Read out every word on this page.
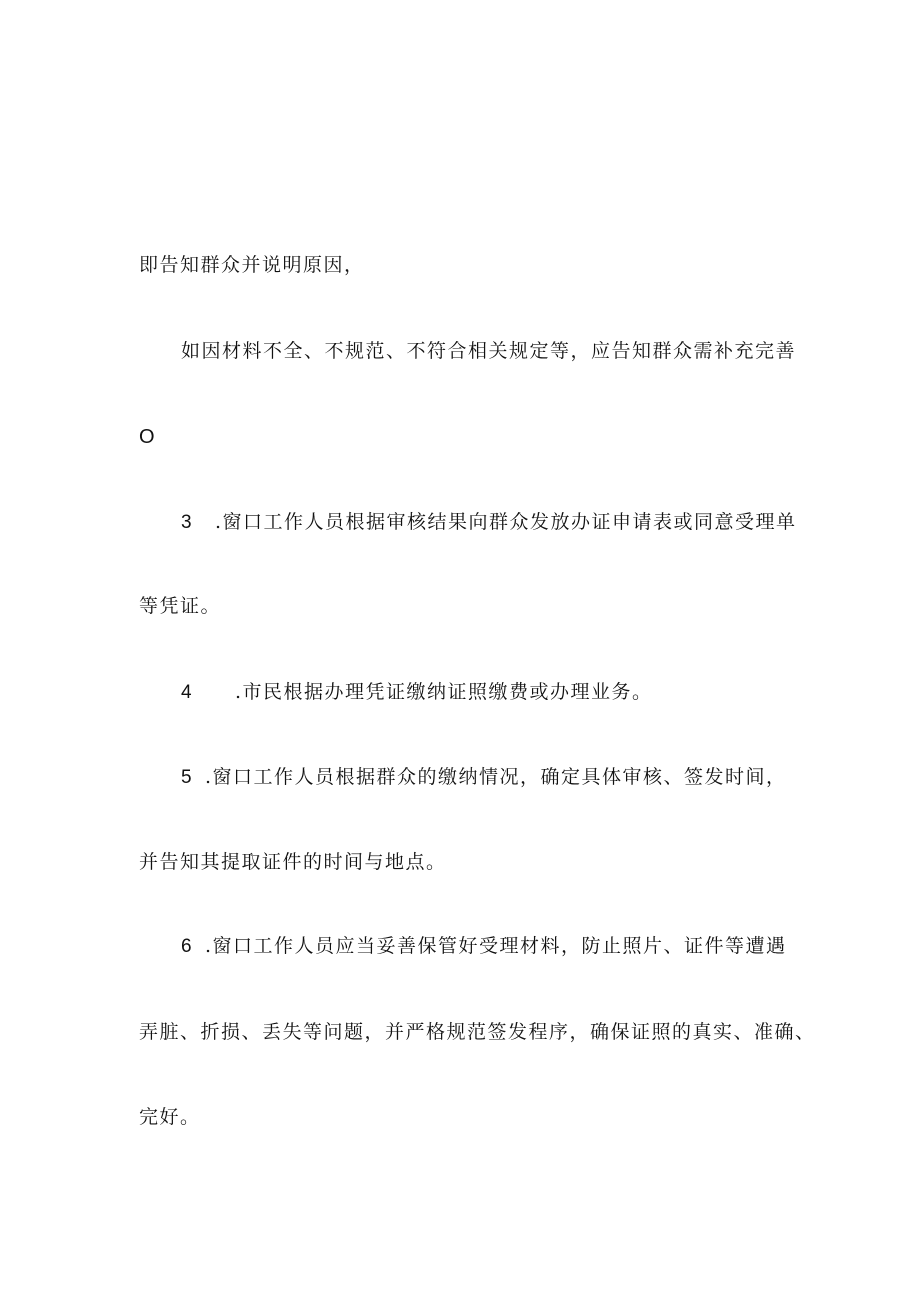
即告知群众并说明原因，
如因材料不全、不规范、不符合相关规定等，应告知群众需补充完善
O
3 .窗口工作人员根据审核结果向群众发放办证申请表或同意受理单
等凭证。
4 .市民根据办理凭证缴纳证照缴费或办理业务。
5 .窗口工作人员根据群众的缴纳情况，确定具体审核、签发时间，
并告知其提取证件的时间与地点。
6 .窗口工作人员应当妥善保管好受理材料，防止照片、证件等遭遇
弄脏、折损、丢失等问题，并严格规范签发程序，确保证照的真实、准确、
完好。
